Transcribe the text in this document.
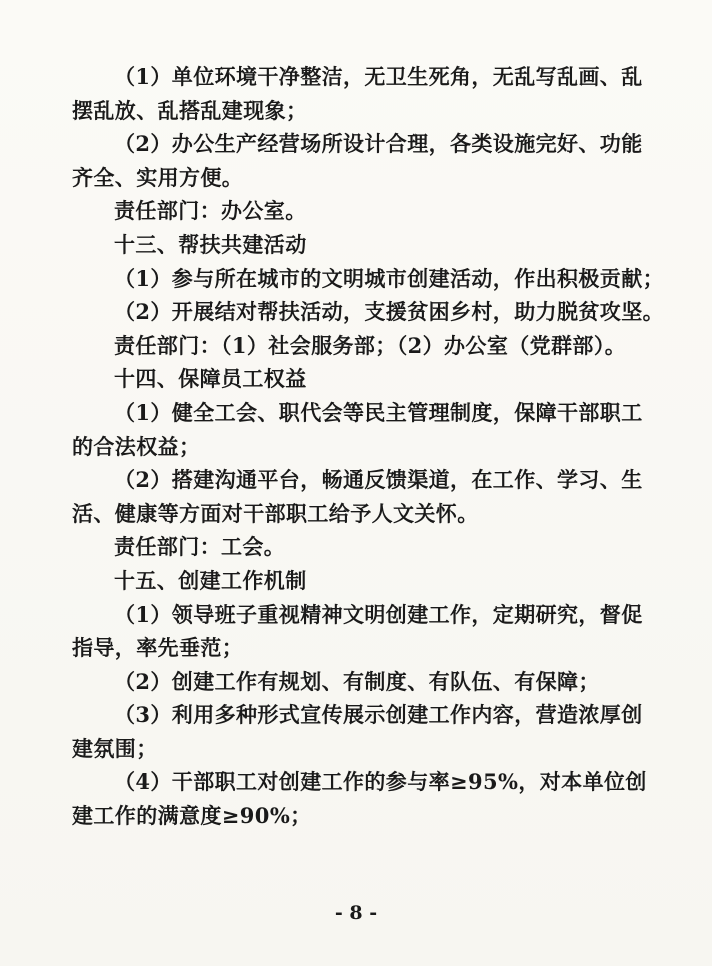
（1）单位环境干净整洁，无卫生死角，无乱写乱画、乱
摆乱放、乱搭乱建现象；
（2）办公生产经营场所设计合理，各类设施完好、功能
齐全、实用方便。
责任部门：办公室。
十三、帮扶共建活动
（1）参与所在城市的文明城市创建活动，作出积极贡献；
（2）开展结对帮扶活动，支援贫困乡村，助力脱贫攻坚。
责任部门：（1）社会服务部；（2）办公室（党群部）。
十四、保障员工权益
（1）健全工会、职代会等民主管理制度，保障干部职工
的合法权益；
（2）搭建沟通平台，畅通反馈渠道，在工作、学习、生
活、健康等方面对干部职工给予人文关怀。
责任部门：工会。
十五、创建工作机制
（1）领导班子重视精神文明创建工作，定期研究，督促
指导，率先垂范；
（2）创建工作有规划、有制度、有队伍、有保障；
（3）利用多种形式宣传展示创建工作内容，营造浓厚创
建氛围；
（4）干部职工对创建工作的参与率≥95%，对本单位创
建工作的满意度≥90%；
- 8 -
